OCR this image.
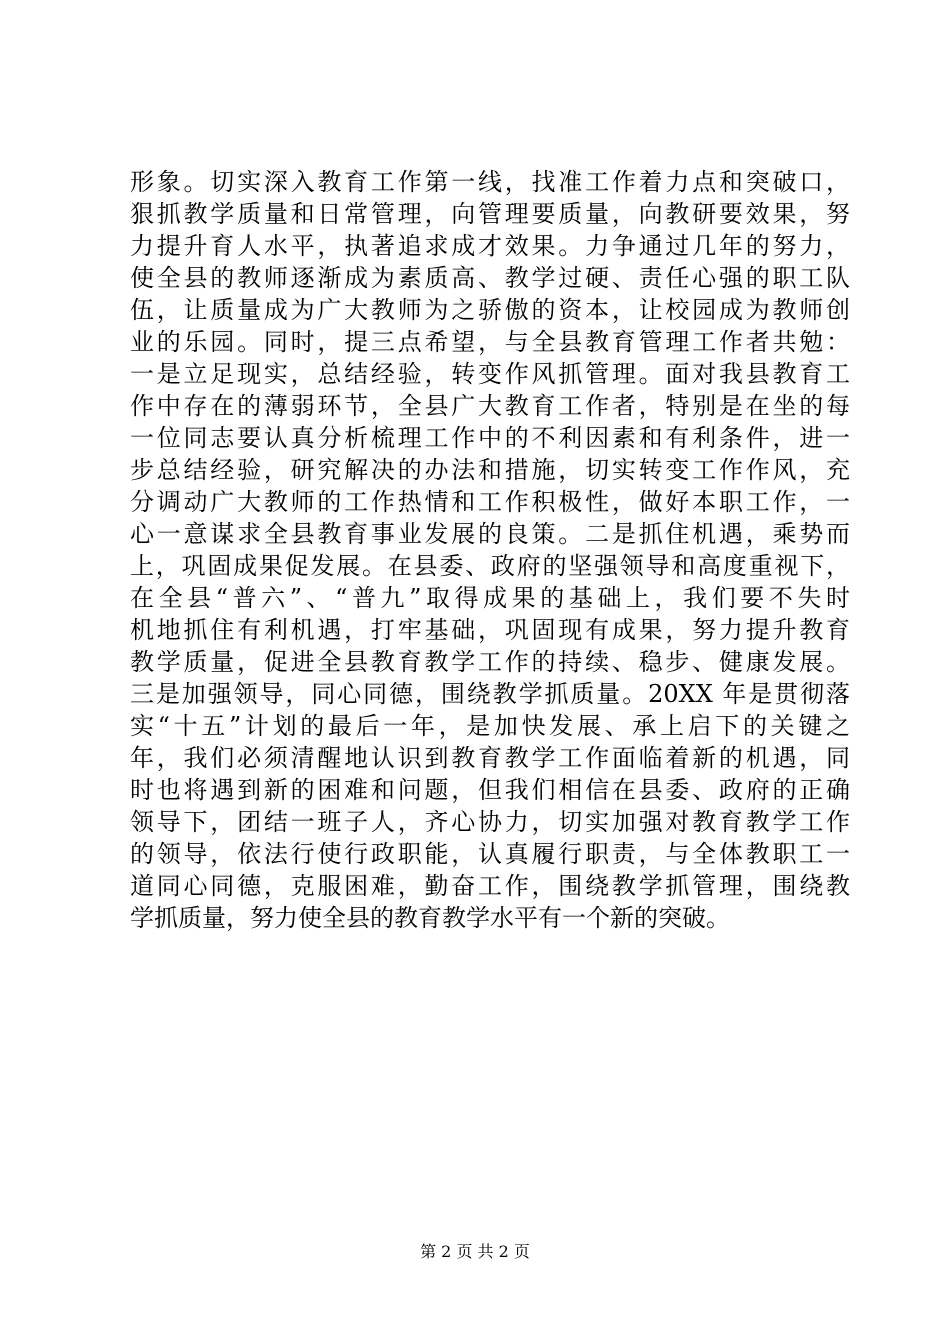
形象。切实深入教育工作第一线，找准工作着力点和突破口，
狠抓教学质量和日常管理，向管理要质量，向教研要效果，努
力提升育人水平，执著追求成才效果。力争通过几年的努力，
使全县的教师逐渐成为素质高、教学过硬、责任心强的职工队
伍，让质量成为广大教师为之骄傲的资本，让校园成为教师创
业的乐园。同时，提三点希望，与全县教育管理工作者共勉：
一是立足现实，总结经验，转变作风抓管理。面对我县教育工
作中存在的薄弱环节，全县广大教育工作者，特别是在坐的每
一位同志要认真分析梳理工作中的不利因素和有利条件，进一
步总结经验，研究解决的办法和措施，切实转变工作作风，充
分调动广大教师的工作热情和工作积极性，做好本职工作，一
心一意谋求全县教育事业发展的良策。二是抓住机遇，乘势而
上，巩固成果促发展。在县委、政府的坚强领导和高度重视下，
在全县“普六”、“普九”取得成果的基础上，我们要不失时
机地抓住有利机遇，打牢基础，巩固现有成果，努力提升教育
教学质量，促进全县教育教学工作的持续、稳步、健康发展。
三是加强领导，同心同德，围绕教学抓质量。20XX 年是贯彻落
实“十五”计划的最后一年，是加快发展、承上启下的关键之
年，我们必须清醒地认识到教育教学工作面临着新的机遇，同
时也将遇到新的困难和问题，但我们相信在县委、政府的正确
领导下，团结一班子人，齐心协力，切实加强对教育教学工作
的领导，依法行使行政职能，认真履行职责，与全体教职工一
道同心同德，克服困难，勤奋工作，围绕教学抓管理，围绕教
学抓质量，努力使全县的教育教学水平有一个新的突破。
第 2 页 共 2 页
